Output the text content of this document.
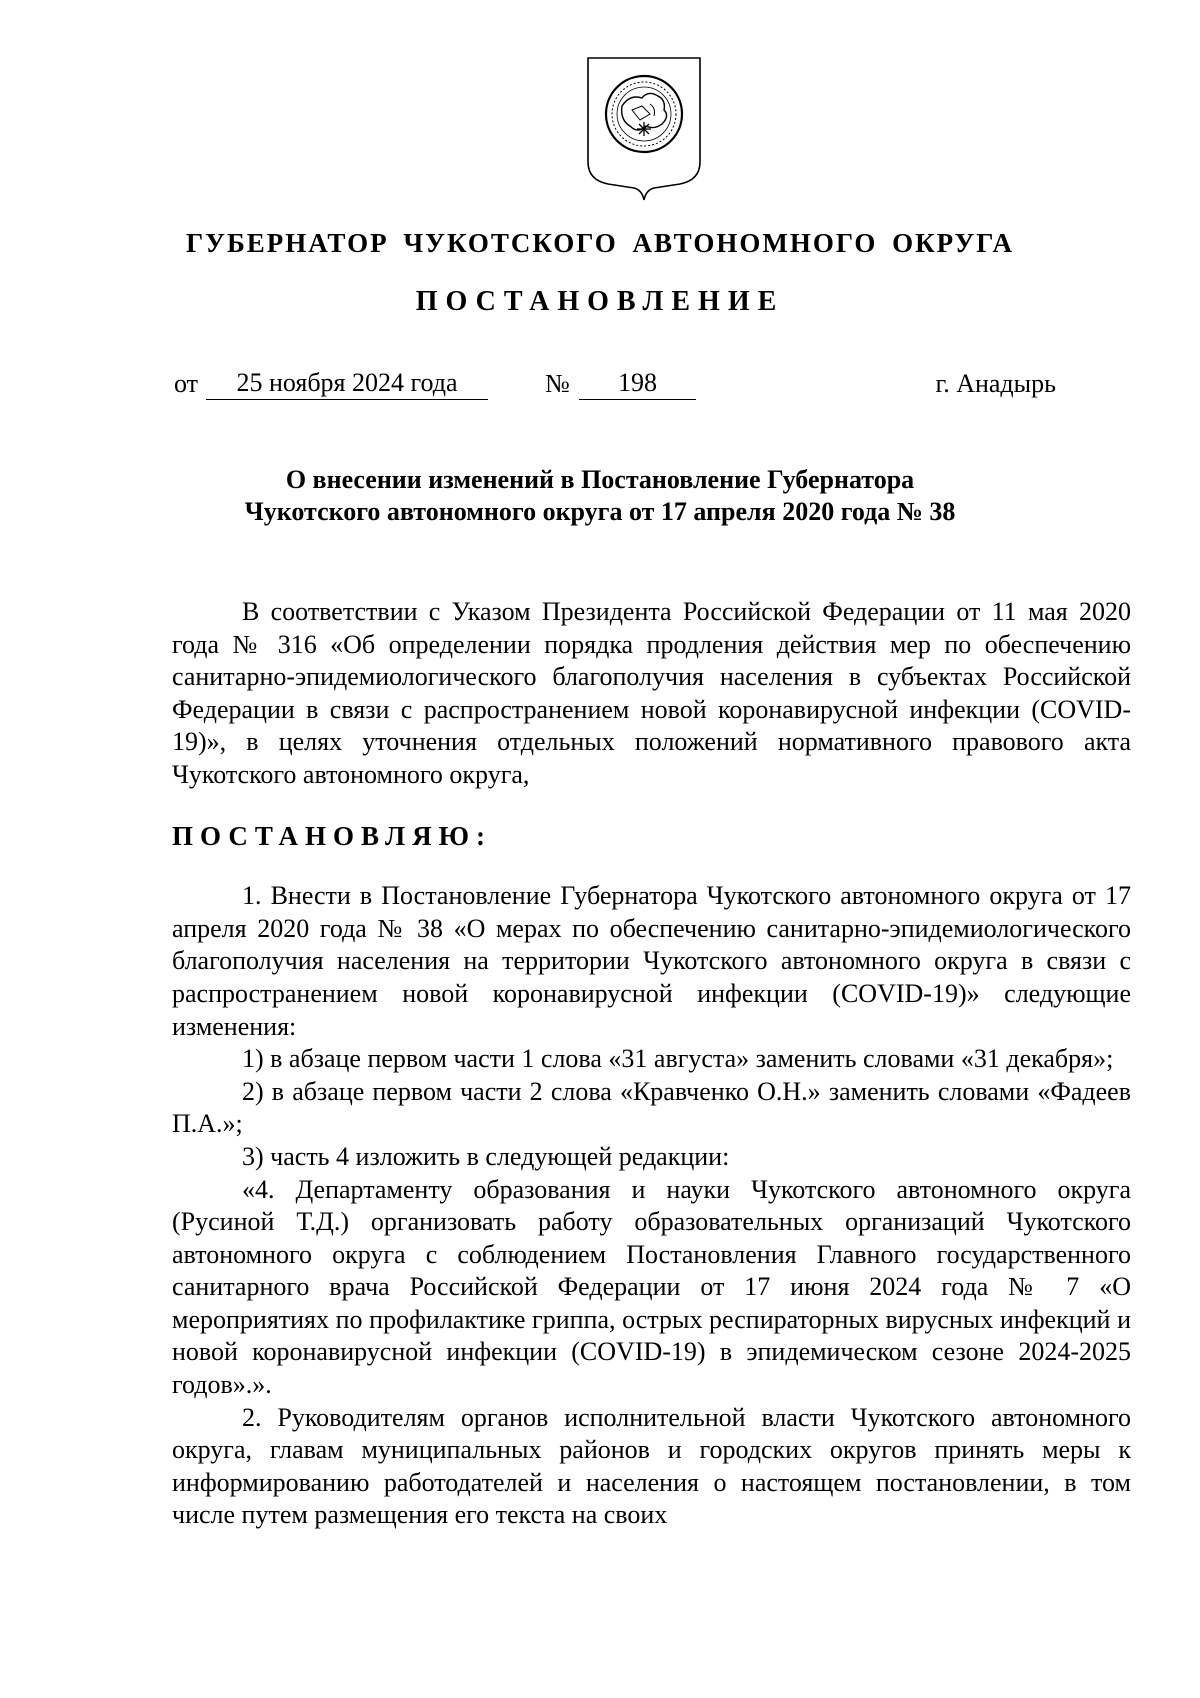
ГУБЕРНАТОР ЧУКОТСКОГО АВТОНОМНОГО ОКРУГА
ПОСТАНОВЛЕНИЕ
от	25 ноября 2024 года	№	198	г. Анадырь

О внесении изменений в Постановление Губернатора
Чукотского автономного округа от 17 апреля 2020 года № 38

В соответствии с Указом Президента Российской Федерации от 11 мая 2020 года № 316 «Об определении порядка продления действия мер по обеспечению санитарно-эпидемиологического благополучия населения в субъектах Российской Федерации в связи с распространением новой коронавирусной инфекции (COVID-19)», в целях уточнения отдельных положений нормативного правового акта Чукотского автономного округа,

ПОСТАНОВЛЯЮ:

1. Внести в Постановление Губернатора Чукотского автономного округа от 17 апреля 2020 года № 38 «О мерах по обеспечению санитарно-эпидемиологического благополучия населения на территории Чукотского автономного округа в связи с распространением новой коронавирусной инфекции (COVID-19)» следующие изменения:

1) в абзаце первом части 1 слова «31 августа» заменить словами «31 декабря»;

2) в абзаце первом части 2 слова «Кравченко О.Н.» заменить словами «Фадеев П.А.»;

3) часть 4 изложить в следующей редакции:

«4. Департаменту образования и науки Чукотского автономного округа (Русиной Т.Д.) организовать работу образовательных организаций Чукотского автономного округа с соблюдением Постановления Главного государственного санитарного врача Российской Федерации от 17 июня 2024 года № 7 «О мероприятиях по профилактике гриппа, острых респираторных вирусных инфекций и новой коронавирусной инфекции (COVID-19) в эпидемическом сезоне 2024-2025 годов».».

2. Руководителям органов исполнительной власти Чукотского автономного округа, главам муниципальных районов и городских округов принять меры к информированию работодателей и населения о настоящем постановлении, в том числе путем размещения его текста на своих
